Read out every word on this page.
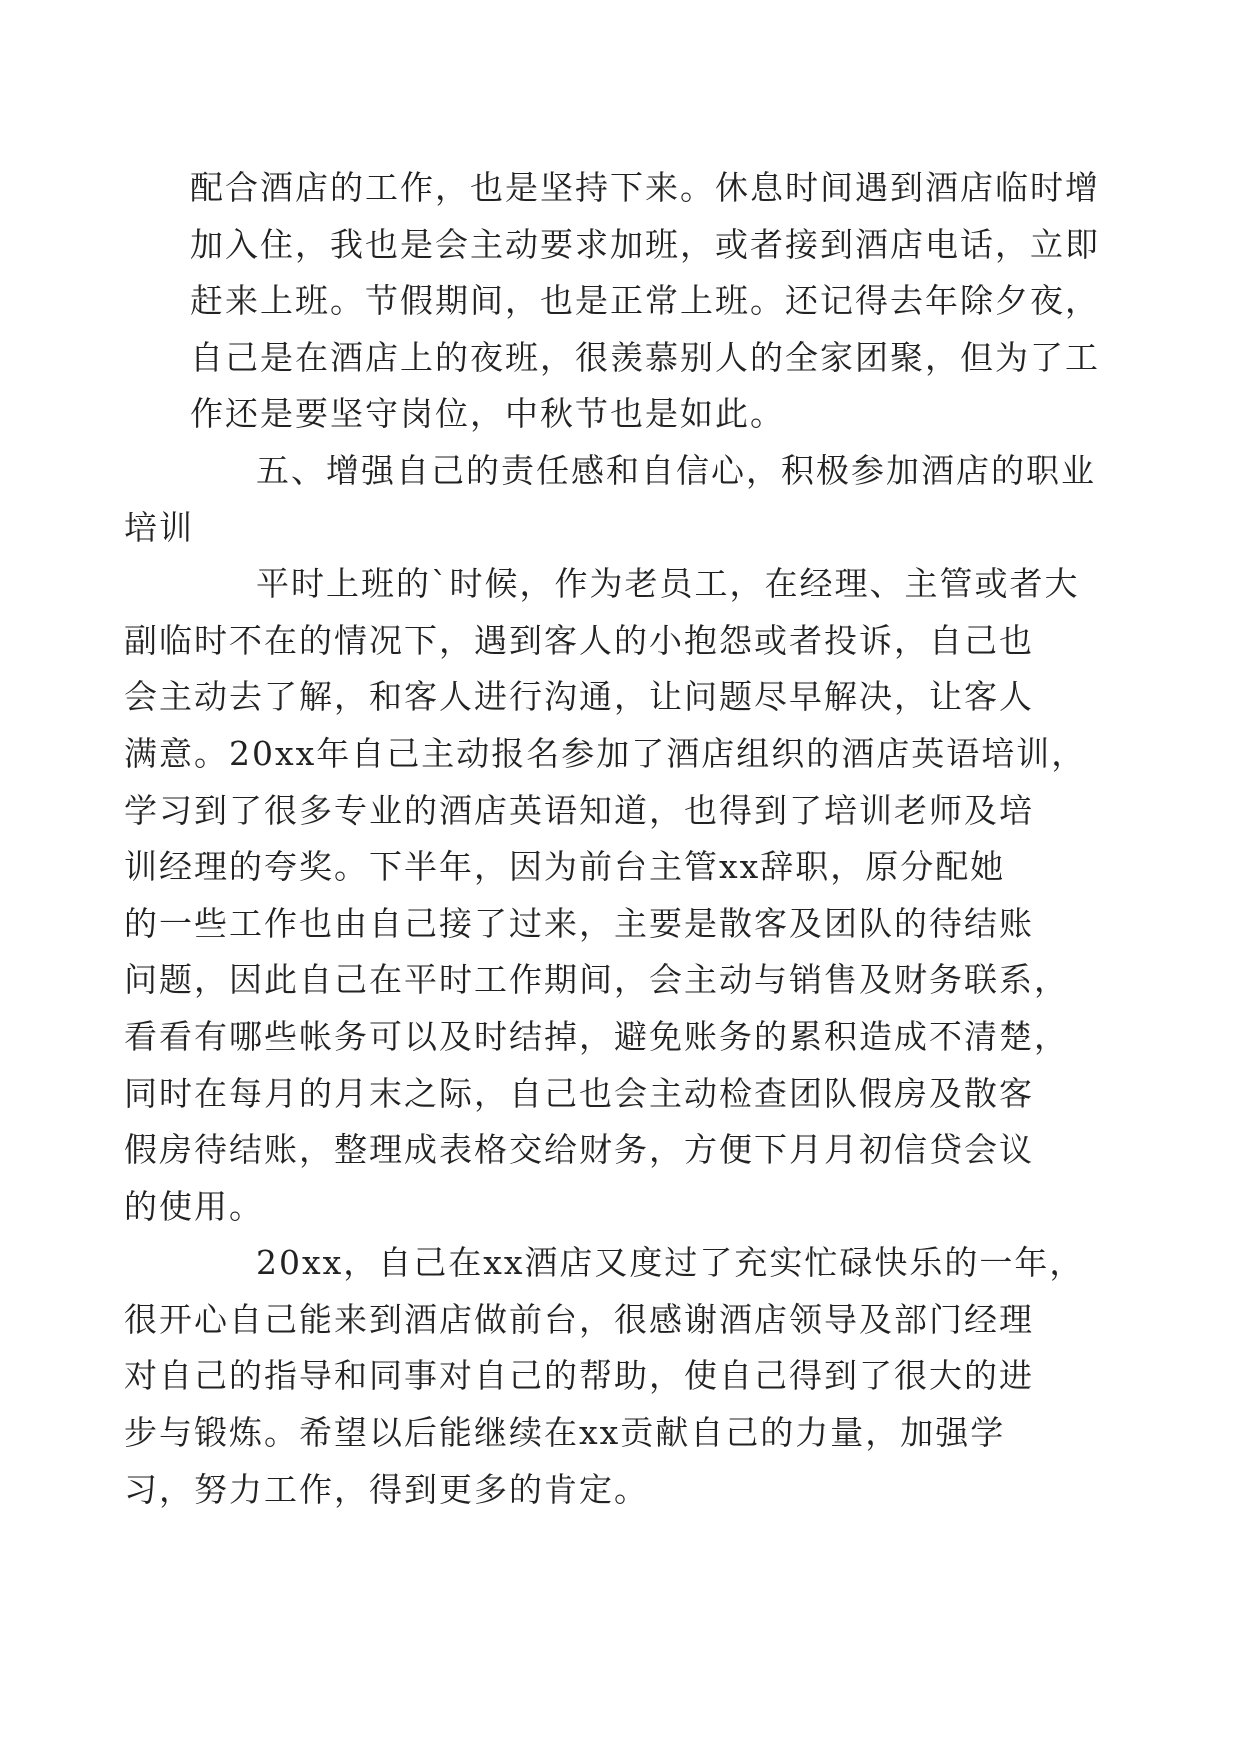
配合酒店的工作，也是坚持下来。休息时间遇到酒店临时增
加入住，我也是会主动要求加班，或者接到酒店电话，立即
赶来上班。节假期间，也是正常上班。还记得去年除夕夜，
自己是在酒店上的夜班，很羡慕别人的全家团聚，但为了工
作还是要坚守岗位，中秋节也是如此。

五、增强自己的责任感和自信心，积极参加酒店的职业
培训

平时上班的`时候，作为老员工，在经理、主管或者大
副临时不在的情况下，遇到客人的小抱怨或者投诉，自己也
会主动去了解，和客人进行沟通，让问题尽早解决，让客人
满意。20xx年自己主动报名参加了酒店组织的酒店英语培训，
学习到了很多专业的酒店英语知道，也得到了培训老师及培
训经理的夸奖。下半年，因为前台主管xx辞职，原分配她
的一些工作也由自己接了过来，主要是散客及团队的待结账
问题，因此自己在平时工作期间，会主动与销售及财务联系，
看看有哪些帐务可以及时结掉，避免账务的累积造成不清楚，
同时在每月的月末之际，自己也会主动检查团队假房及散客
假房待结账，整理成表格交给财务，方便下月月初信贷会议
的使用。

20xx，自己在xx酒店又度过了充实忙碌快乐的一年，
很开心自己能来到酒店做前台，很感谢酒店领导及部门经理
对自己的指导和同事对自己的帮助，使自己得到了很大的进
步与锻炼。希望以后能继续在xx贡献自己的力量，加强学
习，努力工作，得到更多的肯定。
